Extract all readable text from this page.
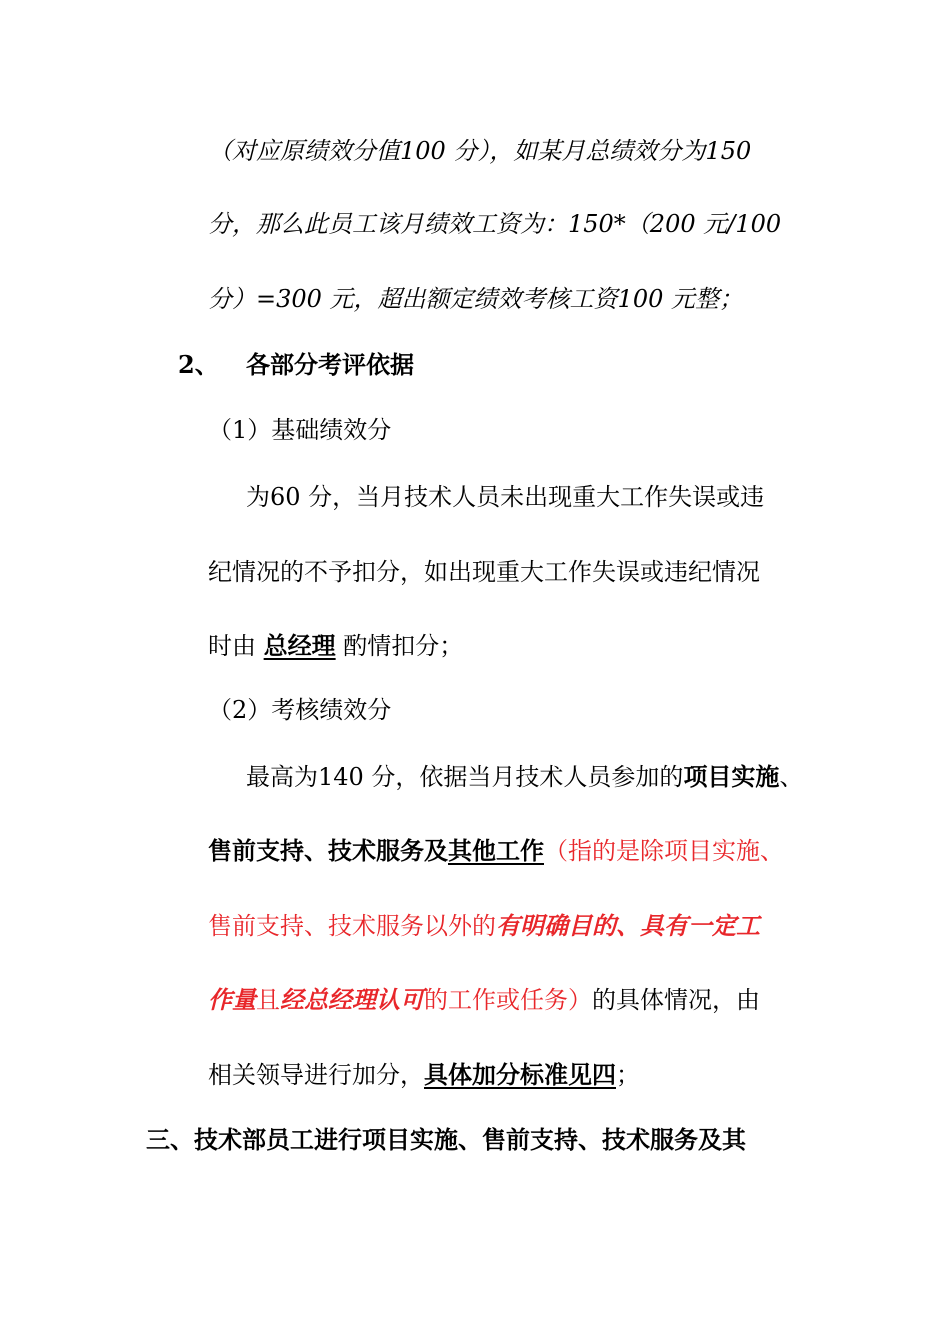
（对应原绩效分值100 分），如某月总绩效分为150
分，那么此员工该月绩效工资为：150*（200 元/100
分）=300 元，超出额定绩效考核工资100 元整；
2、 各部分考评依据
（1）基础绩效分
为60 分，当月技术人员未出现重大工作失误或违
纪情况的不予扣分，如出现重大工作失误或违纪情况
时由 总经理 酌情扣分；
（2）考核绩效分
最高为140 分，依据当月技术人员参加的项目实施、
售前支持、技术服务及其他工作（指的是除项目实施、
售前支持、技术服务以外的有明确目的、具有一定工
作量且经总经理认可的工作或任务）的具体情况，由
相关领导进行加分，具体加分标准见四；
三、技术部员工进行项目实施、售前支持、技术服务及其
